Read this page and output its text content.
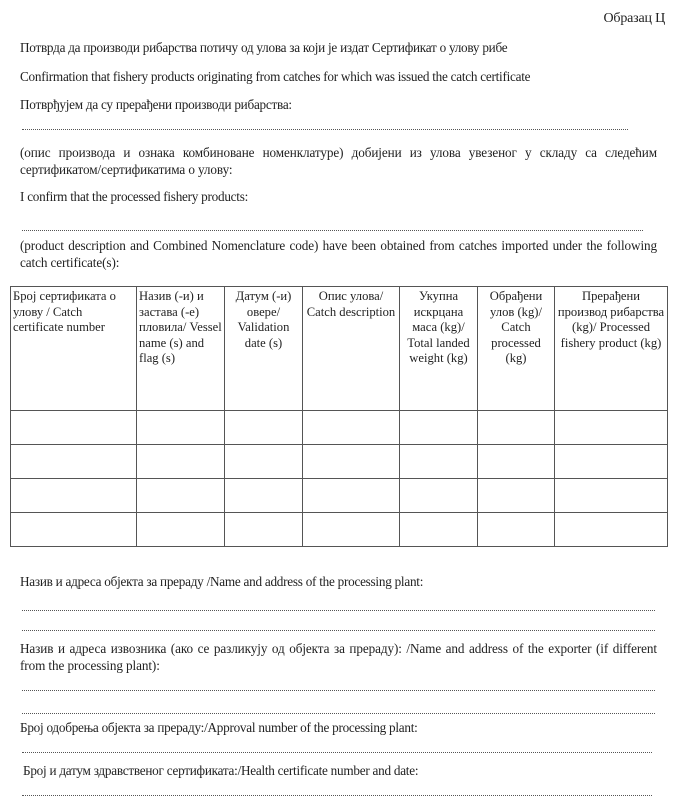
Образац Ц
Потврда да производи рибарства потичу од улова за који је издат Сертификат о улову рибе
Confirmation that fishery products originating from catches for which was issued the catch certificate
Потврђујем да су прерађени производи рибарства:
(опис производа и ознака комбиноване номенклатуре) добијени из улова увезеног у складу са следећим сертификатом/сертификатима о улову:
I confirm that the processed fishery products:
(product description and Combined Nomenclature code) have been obtained from catches imported under the following catch certificate(s):
Број сертификата о улову / Catch certificate number	Назив (-и) и застава (-е) пловила/ Vessel name (s) and flag (s)	Датум (-и) овере/ Validation date (s)	Опис улова/ Catch description	Укупна искрцана маса (kg)/ Total landed weight (kg)	Обрађени улов (kg)/ Catch processed (kg)	Прерађени производ рибарства (kg)/ Processed fishery product (kg)

Назив и адреса објекта за прераду /Name and address of the processing plant:
Назив и адреса извозника (ако се разликују од објекта за прераду): /Name and address of the exporter (if different from the processing plant):
Број одобрења објекта за прераду:/Approval number of the processing plant:
Број и датум здравственог сертификата:/Health certificate number and date:
